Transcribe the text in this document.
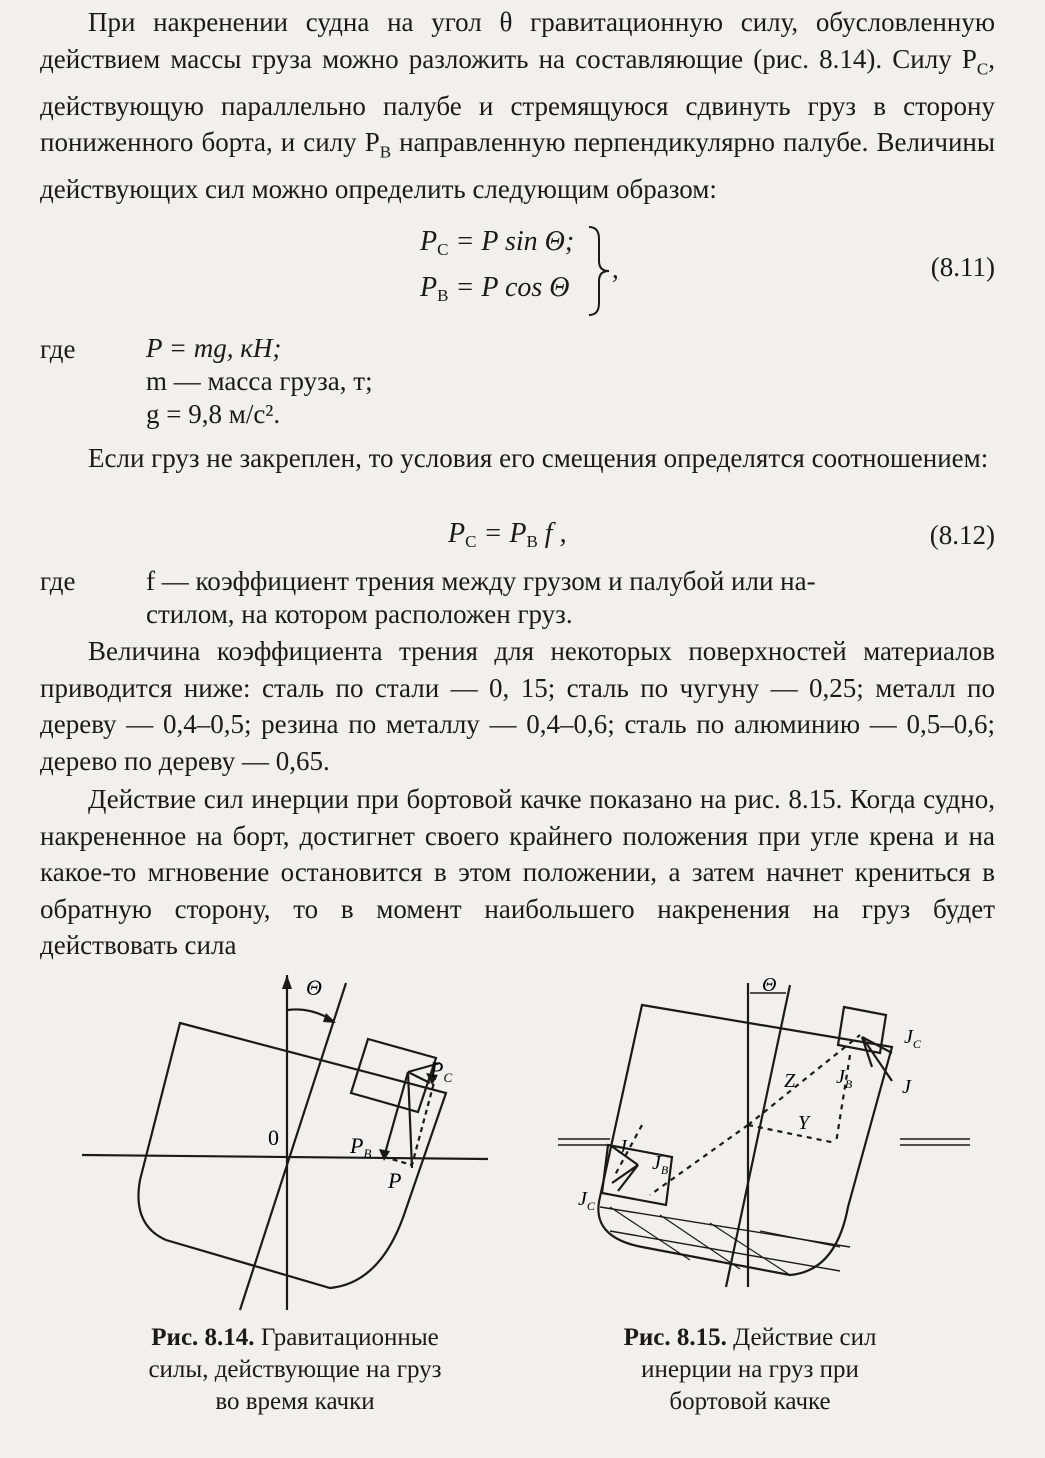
При накренении судна на угол θ гравитационную силу, обусловленную действием массы груза можно разложить на составляющие (рис. 8.14). Силу $P_C$, действующую параллельно палубе и стремящуюся сдвинуть груз в сторону пониженного борта, и силу $P_B$ направленную перпендикулярно палубе. Величины действующих сил можно определить следующим образом:

$P_C = P$ sin Θ;
$P_B = P$ cos Θ
,	(8.11)
где	P = mg, кН;
m — масса груза, т;
g = 9,8 м/с².

Если груз не закреплен, то условия его смещения определятся соотношением:

$P_C = P_B$ f ,	(8.12)
где	f — коэффициент трения между грузом и палубой или на-
стилом, на котором расположен груз.

Величина коэффициента трения для некоторых поверхностей материалов приводится ниже: сталь по стали — 0, 15; сталь по чугуну — 0,25; металл по дереву — 0,4–0,5; резина по металлу — 0,4–0,6; сталь по алюминию — 0,5–0,6; дерево по дереву — 0,65.

Действие сил инерции при бортовой качке показано на рис. 8.15. Когда судно, накрененное на борт, достигнет своего крайнего положения при угле крена и на какое-то мгновение остановится в этом положении, а затем начнет крениться в обратную сторону, то в момент наибольшего накренения на груз будет действовать сила

Θ
0
$P_C$
$P_B$
P
Рис. 8.14. Гравитационные
силы, действующие на груз
во время качки
Θ
$J_C$
$J_B$ J
Z
Y
J
$J_B$
$J_C$
Рис. 8.15. Действие сил
инерции на груз при
бортовой качке
